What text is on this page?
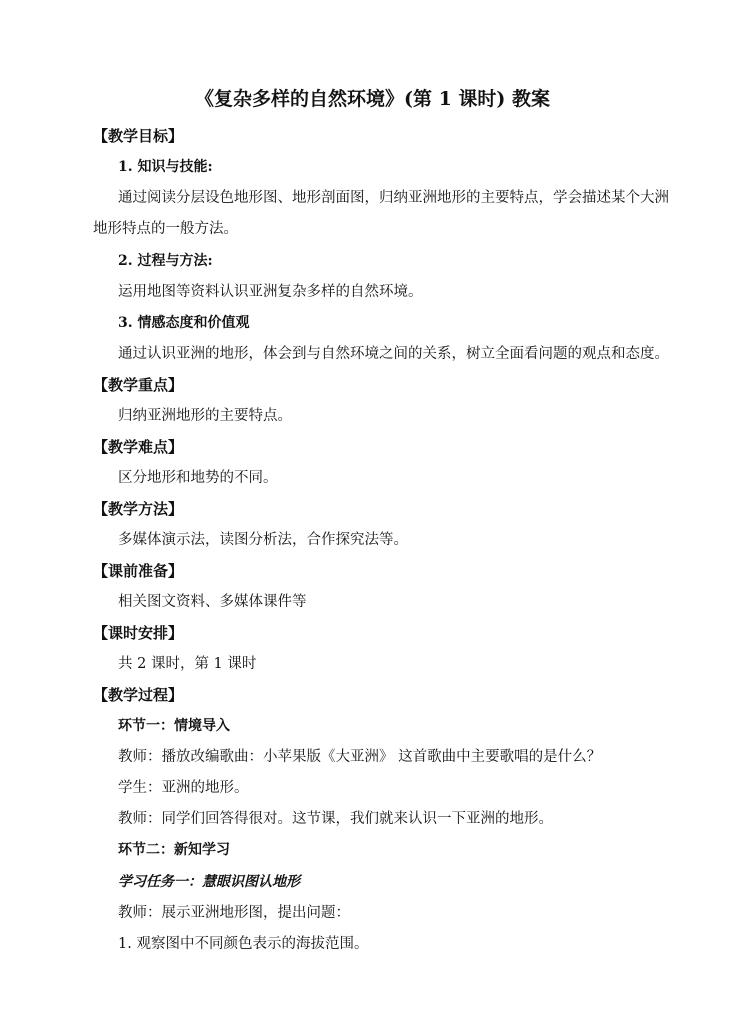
《复杂多样的自然环境》(第 1 课时) 教案
【教学目标】
1. 知识与技能:
通过阅读分层设色地形图、地形剖面图，归纳亚洲地形的主要特点，学会描述某个大洲
地形特点的一般方法。
2. 过程与方法:
运用地图等资料认识亚洲复杂多样的自然环境。
3. 情感态度和价值观
通过认识亚洲的地形，体会到与自然环境之间的关系，树立全面看问题的观点和态度。
【教学重点】
归纳亚洲地形的主要特点。
【教学难点】
区分地形和地势的不同。
【教学方法】
多媒体演示法，读图分析法，合作探究法等。
【课前准备】
相关图文资料、多媒体课件等
【课时安排】
共 2 课时，第 1 课时
【教学过程】
环节一：情境导入
教师：播放改编歌曲：小苹果版《大亚洲》 这首歌曲中主要歌唱的是什么？
学生：亚洲的地形。
教师：同学们回答得很对。这节课，我们就来认识一下亚洲的地形。
环节二：新知学习
学习任务一：慧眼识图认地形
教师：展示亚洲地形图，提出问题：
1. 观察图中不同颜色表示的海拔范围。
